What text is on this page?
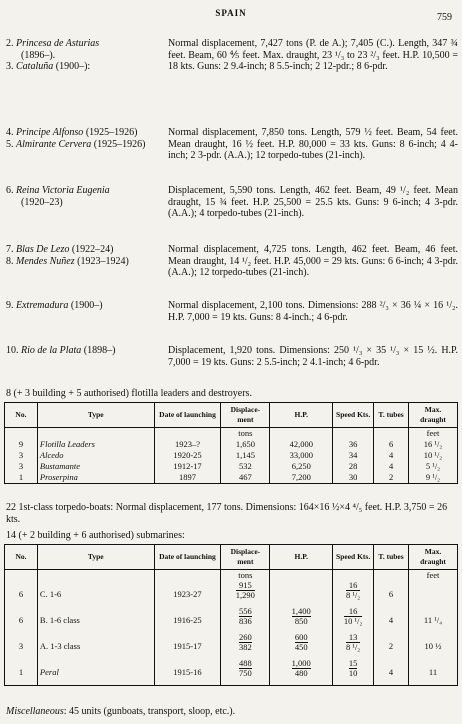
SPAIN	759
2. Princesa de Asturias
(1896–).
3. Cataluña (1900–):
Normal displacement, 7,427 tons (P. de A.); 7,405 (C.). Length, 347 ¾ feet. Beam, 60 ⅘ feet. Max. draught, 23 ¹/₃ to 23 ²/₃ feet. H.P. 10,500 = 18 kts. Guns: 2 9.4-inch; 8 5.5-inch; 2 12-pdr.; 8 6-pdr.
4. Principe Alfonso (1925–1926)
5. Almirante Cervera (1925–1926)
Normal displacement, 7,850 tons. Length, 579 ½ feet. Beam, 54 feet. Mean draught, 16 ½ feet. H.P. 80,000 = 33 kts. Guns: 8 6-inch; 4 4-inch; 2 3-pdr. (A.A.); 12 torpedo-tubes (21-inch).
6. Reina Victoria Eugenia
(1920–23)
Displacement, 5,590 tons. Length, 462 feet. Beam, 49 ¹/₂ feet. Mean draught, 15 ¾ feet. H.P. 25,500 = 25.5 kts. Guns: 9 6-inch; 4 3-pdr. (A.A.); 4 torpedo-tubes (21-inch).
7. Blas De Lezo (1922–24)
8. Mendes Nuñez (1923–1924)
Normal displacement, 4,725 tons. Length, 462 feet. Beam, 46 feet. Mean draught, 14 ¹/₂ feet. H.P. 45,000 = 29 kts. Guns: 6 6-inch; 4 3-pdr. (A.A.); 12 torpedo-tubes (21-inch).
9. Extremadura (1900–)	Normal displacement, 2,100 tons. Dimensions: 288 ²/₃ × 36 ¼ × 16 ¹/₂. H.P. 7,000 = 19 kts. Guns: 8 4-inch.; 4 6-pdr.
10. Rio de la Plata (1898–)	Displacement, 1,920 tons. Dimensions: 250 ¹/₃ × 35 ¹/₃ × 15 ½. H.P. 7,000 = 19 kts. Guns: 2 5.5-inch; 2 4.1-inch; 4 6-pdr.
8 (+ 3 building + 5 authorised) flotilla leaders and destroyers.
No.	Type	Date of launching	Displace-ment	H.P.	Speed Kts.	T. tubes	Max. draught
			tons				feet
9	Flotilla Leaders	1923–?	1,650	42,000	36	6	16 ¹/₂
3	Alcedo	1920-25	1,145	33,000	34	4	10 ¹/₂
3	Bustamante	1912-17	532	6,250	28	4	5 ¹/₂
1	Proserpina	1897	467	7,200	30	2	9 ¹/₂
22 1st-class torpedo-boats: Normal displacement, 177 tons. Dimensions: 164×16 ½×4 ⁴/₅ feet. H.P. 3,750 = 26 kts.
14 (+ 2 building + 6 authorised) submarines:
No.	Type	Date of launching	Displace-ment	H.P.	Speed Kts.	T. tubes	Max. draught
			tons				feet
6	C. 1-6	1923-27	$\frac{915}{1,290}$		$\frac{16}{\text{8 ¹/₂}}$	6	
6	B. 1-6 class	1916-25	$\frac{556}{836}$	$\frac{1,400}{850}$	$\frac{16}{\text{10 ¹/₂}}$	4	11 ¹/₄
3	A. 1-3 class	1915-17	$\frac{260}{382}$	$\frac{600}{450}$	$\frac{13}{\text{8 ¹/₂}}$	2	10 ½
1	Peral	1915-16	$\frac{488}{750}$	$\frac{1,000}{480}$	$\frac{15}{10}$	4	11
Miscellaneous: 45 units (gunboats, transport, sloop, etc.).
